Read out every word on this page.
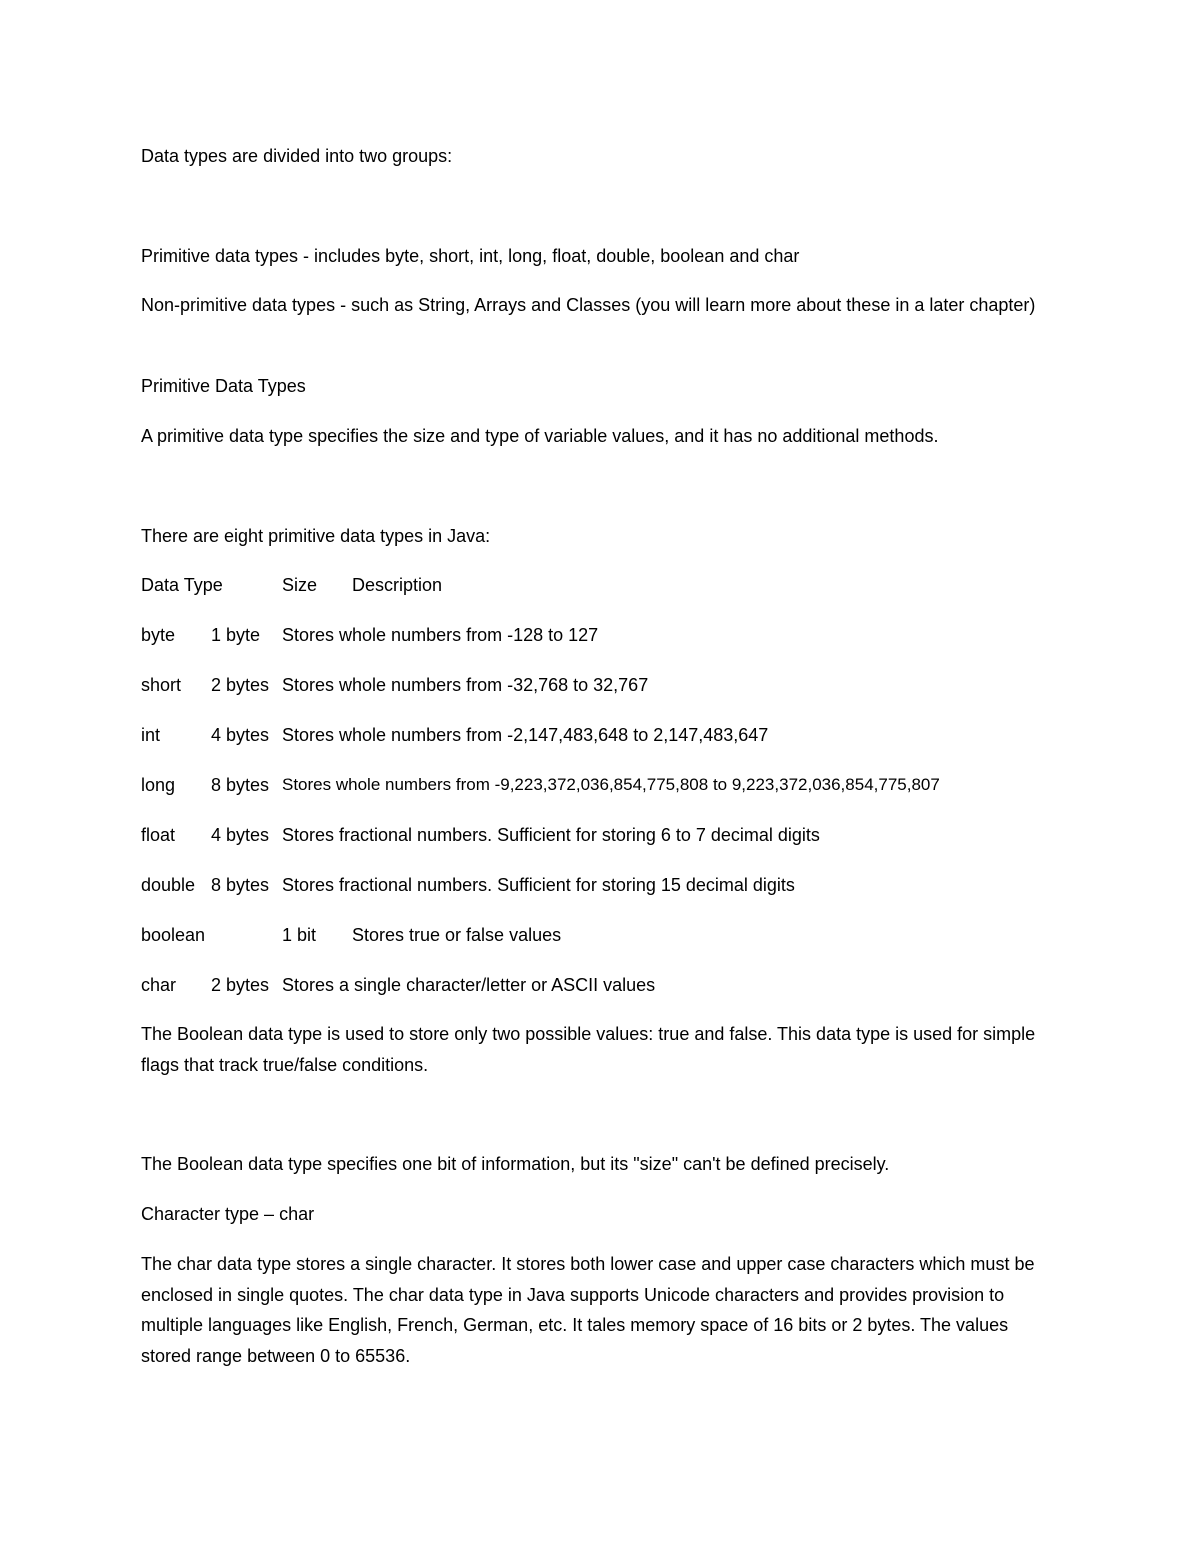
Data types are divided into two groups:
Primitive data types - includes byte, short, int, long, float, double, boolean and char
Non-primitive data types - such as String, Arrays and Classes (you will learn more about these in a later chapter)
Primitive Data Types
A primitive data type specifies the size and type of variable values, and it has no additional methods.
There are eight primitive data types in Java:
Data Type	Size Description
byte 1 byte Stores whole numbers from -128 to 127
short 2 bytes Stores whole numbers from -32,768 to 32,767
int	4 bytes Stores whole numbers from -2,147,483,648 to 2,147,483,647
long 8 bytes Stores whole numbers from -9,223,372,036,854,775,808 to 9,223,372,036,854,775,807
float 4 bytes Stores fractional numbers. Sufficient for storing 6 to 7 decimal digits
double 8 bytes Stores fractional numbers. Sufficient for storing 15 decimal digits
boolean	1 bit Stores true or false values
char 2 bytes Stores a single character/letter or ASCII values
The Boolean data type is used to store only two possible values: true and false. This data type is used for simple flags that track true/false conditions.
The Boolean data type specifies one bit of information, but its "size" can't be defined precisely.
Character type – char
The char data type stores a single character. It stores both lower case and upper case characters which must be enclosed in single quotes. The char data type in Java supports Unicode characters and provides provision to multiple languages like English, French, German, etc. It tales memory space of 16 bits or 2 bytes. The values stored range between 0 to 65536.
